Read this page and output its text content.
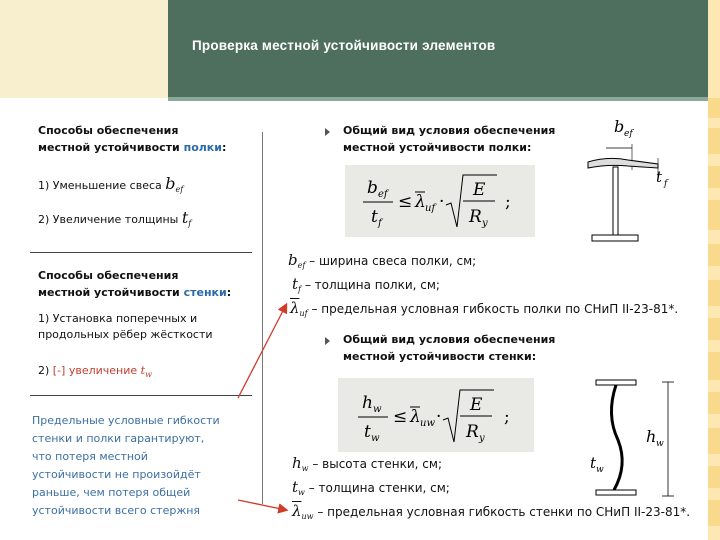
Проверка местной устойчивости элементов
Способы обеспечения
местной устойчивости полки:
1) Уменьшение свеса $b_{ef}$
2) Увеличение толщины $t_f$
Способы обеспечения
местной устойчивости стенки:
1) Установка поперечных и
продольных рёбер жёсткости
2) [-] увеличение $t_w$
Предельные условные гибкости
стенки и полки гарантируют,
что потеря местной
устойчивости не произойдёт
раньше, чем потеря общей
устойчивости всего стержня
Общий вид условия обеспечения
местной устойчивости полки:
b ef
t f
≤ λ uf ·
E
R y
;
b ef
t f
$b_{ef}$ – ширина свеса полки, см;
$t_f$ – толщина полки, см;
$\overline{\lambda}_{uf}$ – предельная условная гибкость полки по СНиП II-23-81*.
Общий вид условия обеспечения
местной устойчивости стенки:
h w
t w
≤ λ uw ·
E
R y
;
h w
t w
$h_w$ – высота стенки, см;
$t_w$ – толщина стенки, см;
$\overline{\lambda}_{uw}$ – предельная условная гибкость стенки по СНиП II-23-81*.
